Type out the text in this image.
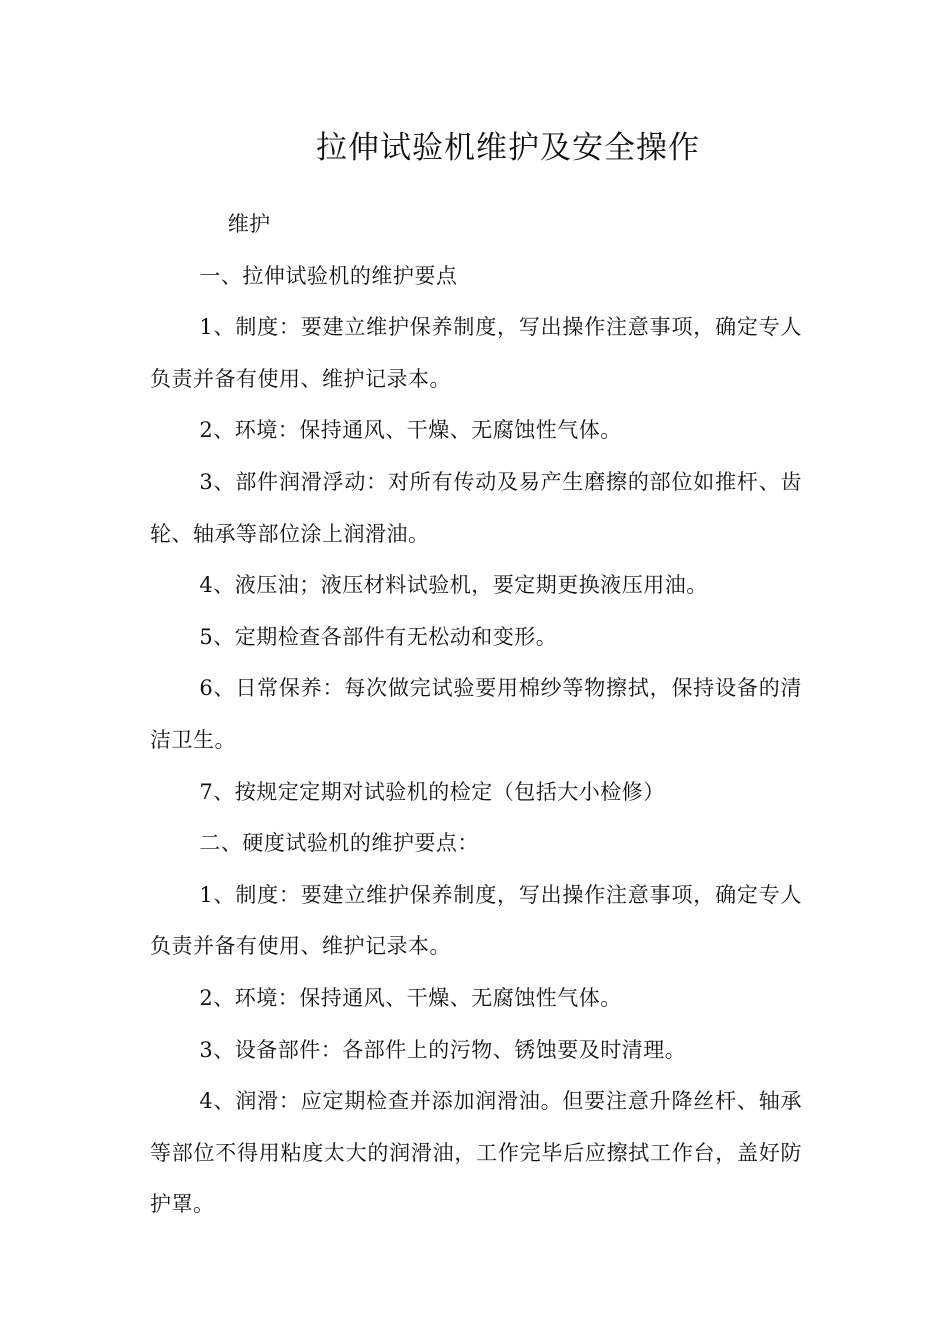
拉伸试验机维护及安全操作

维护

一、拉伸试验机的维护要点

1、制度：要建立维护保养制度，写出操作注意事项，确定专人负责并备有使用、维护记录本。

2、环境：保持通风、干燥、无腐蚀性气体。

3、部件润滑浮动：对所有传动及易产生磨擦的部位如推杆、齿轮、轴承等部位涂上润滑油。

4、液压油；液压材料试验机，要定期更换液压用油。

5、定期检查各部件有无松动和变形。

6、日常保养：每次做完试验要用棉纱等物擦拭，保持设备的清洁卫生。

7、按规定定期对试验机的检定（包括大小检修）

二、硬度试验机的维护要点：

1、制度：要建立维护保养制度，写出操作注意事项，确定专人负责并备有使用、维护记录本。

2、环境：保持通风、干燥、无腐蚀性气体。

3、设备部件：各部件上的污物、锈蚀要及时清理。

4、润滑：应定期检查并添加润滑油。但要注意升降丝杆、轴承等部位不得用粘度太大的润滑油，工作完毕后应擦拭工作台，盖好防护罩。
